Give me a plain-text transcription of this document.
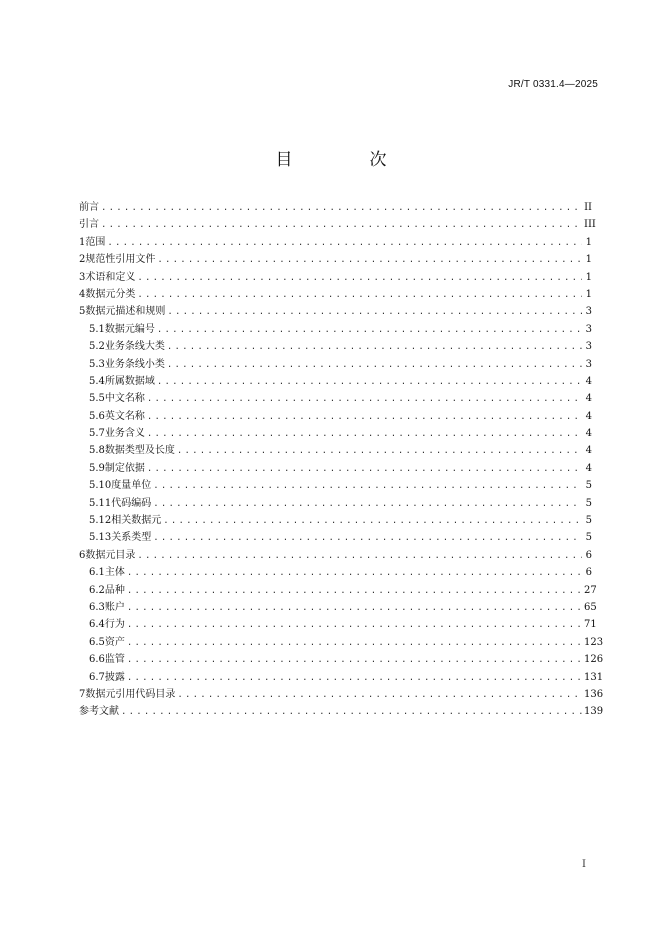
JR/T 0331.4—2025
目　次
前言 .....	II
引言 .....	III
1 范围 .....	1
2 规范性引用文件 .....	1
3 术语和定义 .....	1
4 数据元分类 .....	1
5 数据元描述和规则 .....	3
5.1 数据元编号 .....	3
5.2 业务条线大类 .....	3
5.3 业务条线小类 .....	3
5.4 所属数据域 .....	4
5.5 中文名称 .....	4
5.6 英文名称 .....	4
5.7 业务含义 .....	4
5.8 数据类型及长度 .....	4
5.9 制定依据 .....	4
5.10 度量单位 .....	5
5.11 代码编码 .....	5
5.12 相关数据元 .....	5
5.13 关系类型 .....	5
6 数据元目录 .....	6
6.1 主体 .....	6
6.2 品种 .....	27
6.3 账户 .....	65
6.4 行为 .....	71
6.5 资产 .....	123
6.6 监管 .....	126
6.7 披露 .....	131
7 数据元引用代码目录 .....	136
参考文献 .....	139
I
